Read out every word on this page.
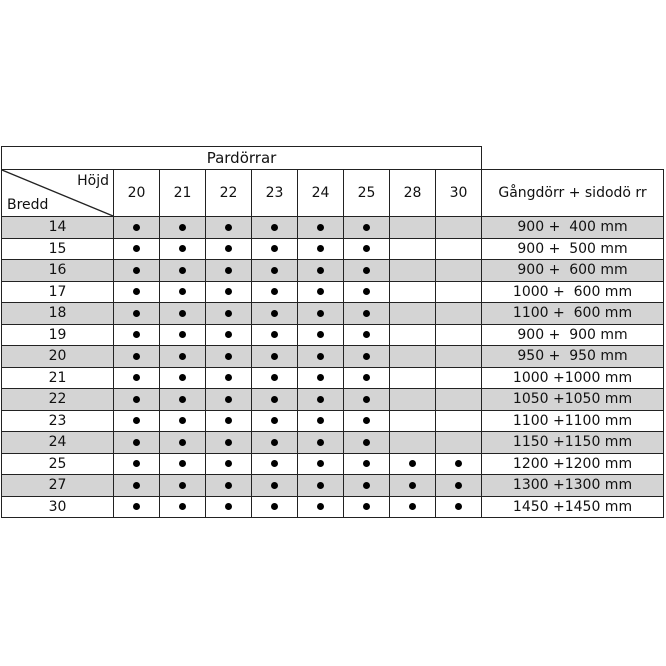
Pardörrar									

Höjd
Bredd	20	21	22	23	24	25	28	30	Gångdörr + sidodö rr
14									900 +  400 mm
15									900 +  500 mm
16									900 +  600 mm
17									1000 +  600 mm
18									1100 +  600 mm
19									900 +  900 mm
20									950 +  950 mm
21									1000 +1000 mm
22									1050 +1050 mm
23									1100 +1100 mm
24									1150 +1150 mm
25									1200 +1200 mm
27									1300 +1300 mm
30									1450 +1450 mm
